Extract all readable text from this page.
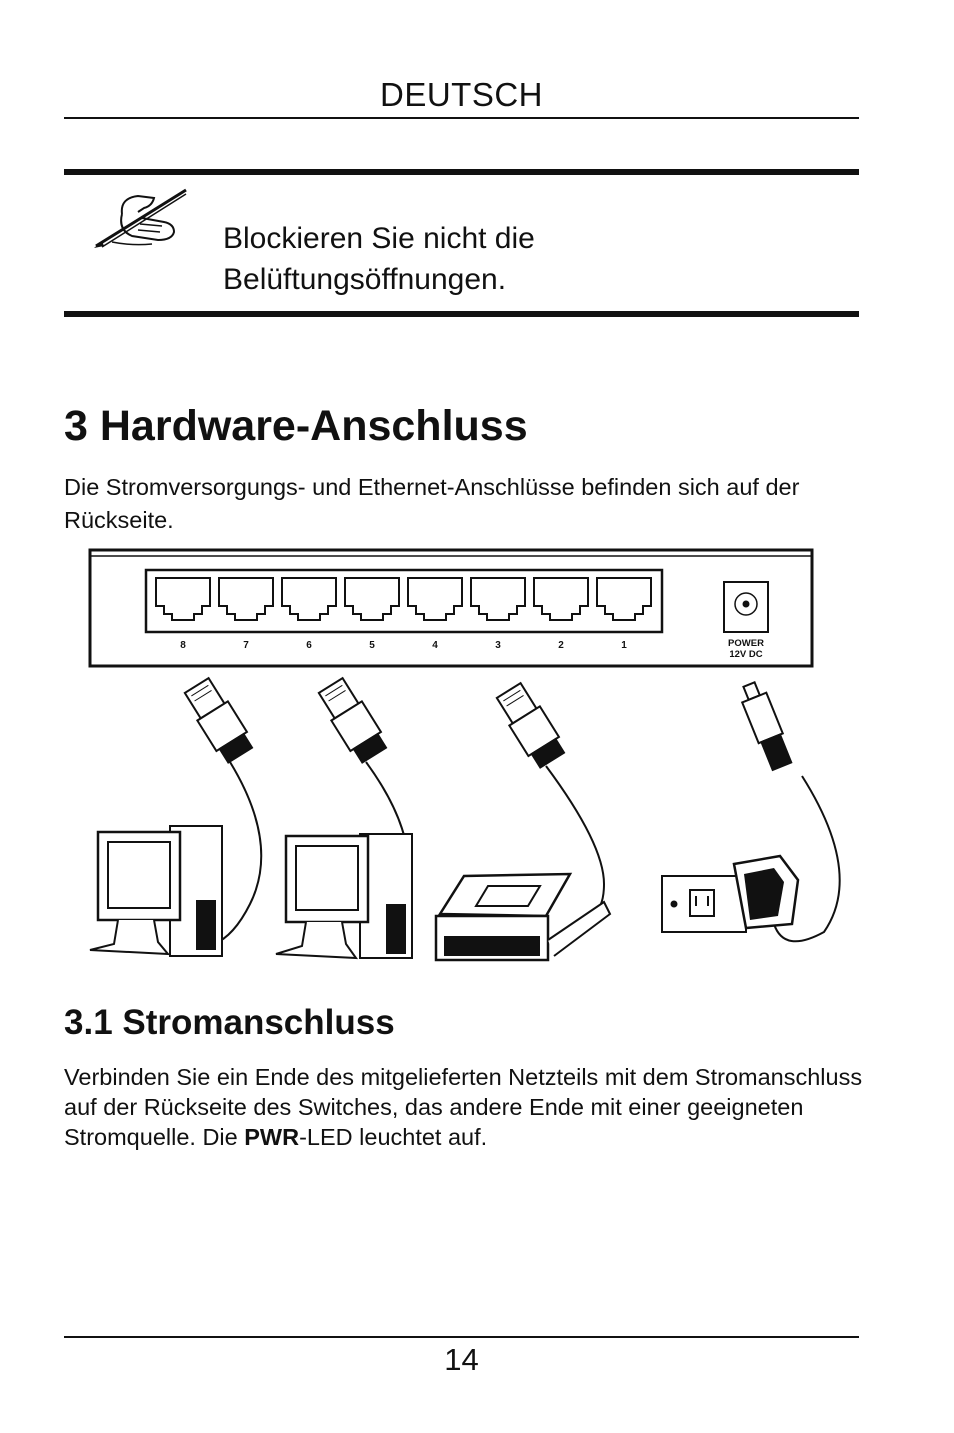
DEUTSCH
Blockieren Sie nicht die
Belüftungsöffnungen.
3 Hardware-Anschluss
Die Stromversorgungs- und Ethernet-Anschlüsse befinden sich auf der Rückseite.
8	7	6	5	4	3	2	1	POWER
12V DC
3.1 Stromanschluss
Verbinden Sie ein Ende des mitgelieferten Netzteils mit dem Stromanschluss auf der Rückseite des Switches, das andere Ende mit einer geeigneten Stromquelle. Die PWR-LED leuchtet auf.
14
